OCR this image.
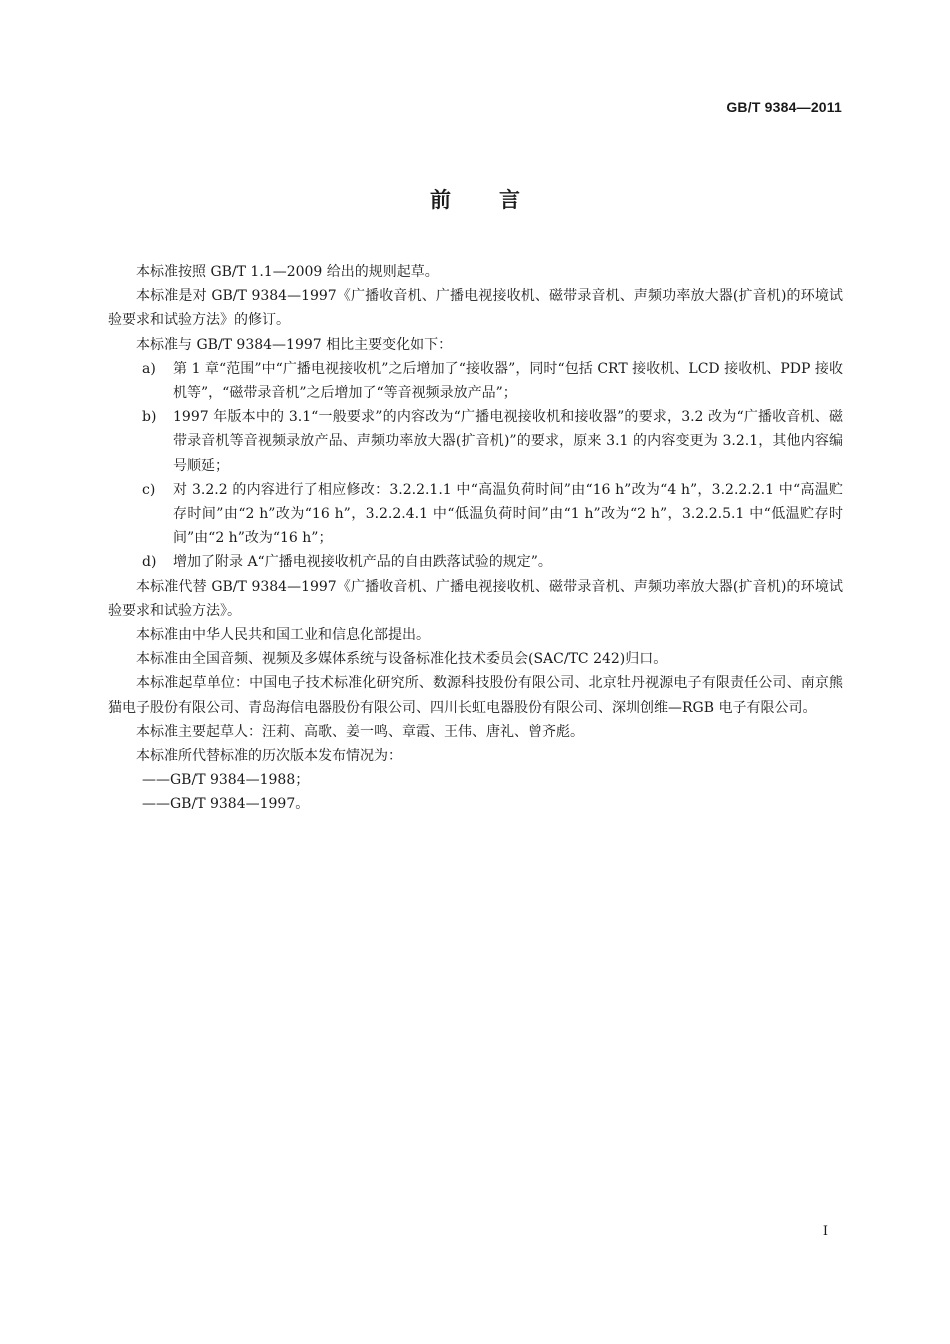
GB/T 9384—2011
前言

本标准按照 GB/T 1.1—2009 给出的规则起草。

本标准是对 GB/T 9384—1997《广播收音机、广播电视接收机、磁带录音机、声频功率放大器(扩音机)的环境试验要求和试验方法》的修订。

本标准与 GB/T 9384—1997 相比主要变化如下：

a)	第 1 章“范围”中“广播电视接收机”之后增加了“接收器”，同时“包括 CRT 接收机、LCD 接收机、PDP 接收机等”，“磁带录音机”之后增加了“等音视频录放产品”；
b)	1997 年版本中的 3.1“一般要求”的内容改为“广播电视接收机和接收器”的要求，3.2 改为“广播收音机、磁带录音机等音视频录放产品、声频功率放大器(扩音机)”的要求，原来 3.1 的内容变更为 3.2.1，其他内容编号顺延；
c)	对 3.2.2 的内容进行了相应修改：3.2.2.1.1 中“高温负荷时间”由“16 h”改为“4 h”，3.2.2.2.1 中“高温贮存时间”由“2 h”改为“16 h”，3.2.2.4.1 中“低温负荷时间”由“1 h”改为“2 h”，3.2.2.5.1 中“低温贮存时间”由“2 h”改为“16 h”；
d)	增加了附录 A“广播电视接收机产品的自由跌落试验的规定”。

本标准代替 GB/T 9384—1997《广播收音机、广播电视接收机、磁带录音机、声频功率放大器(扩音机)的环境试验要求和试验方法》。

本标准由中华人民共和国工业和信息化部提出。

本标准由全国音频、视频及多媒体系统与设备标准化技术委员会(SAC/TC 242)归口。

本标准起草单位：中国电子技术标准化研究所、数源科技股份有限公司、北京牡丹视源电子有限责任公司、南京熊猫电子股份有限公司、青岛海信电器股份有限公司、四川长虹电器股份有限公司、深圳创维—RGB 电子有限公司。

本标准主要起草人：汪莉、高歌、姜一鸣、章霞、王伟、唐礼、曾齐彪。

本标准所代替标准的历次版本发布情况为：

——GB/T 9384—1988；

——GB/T 9384—1997。

I
